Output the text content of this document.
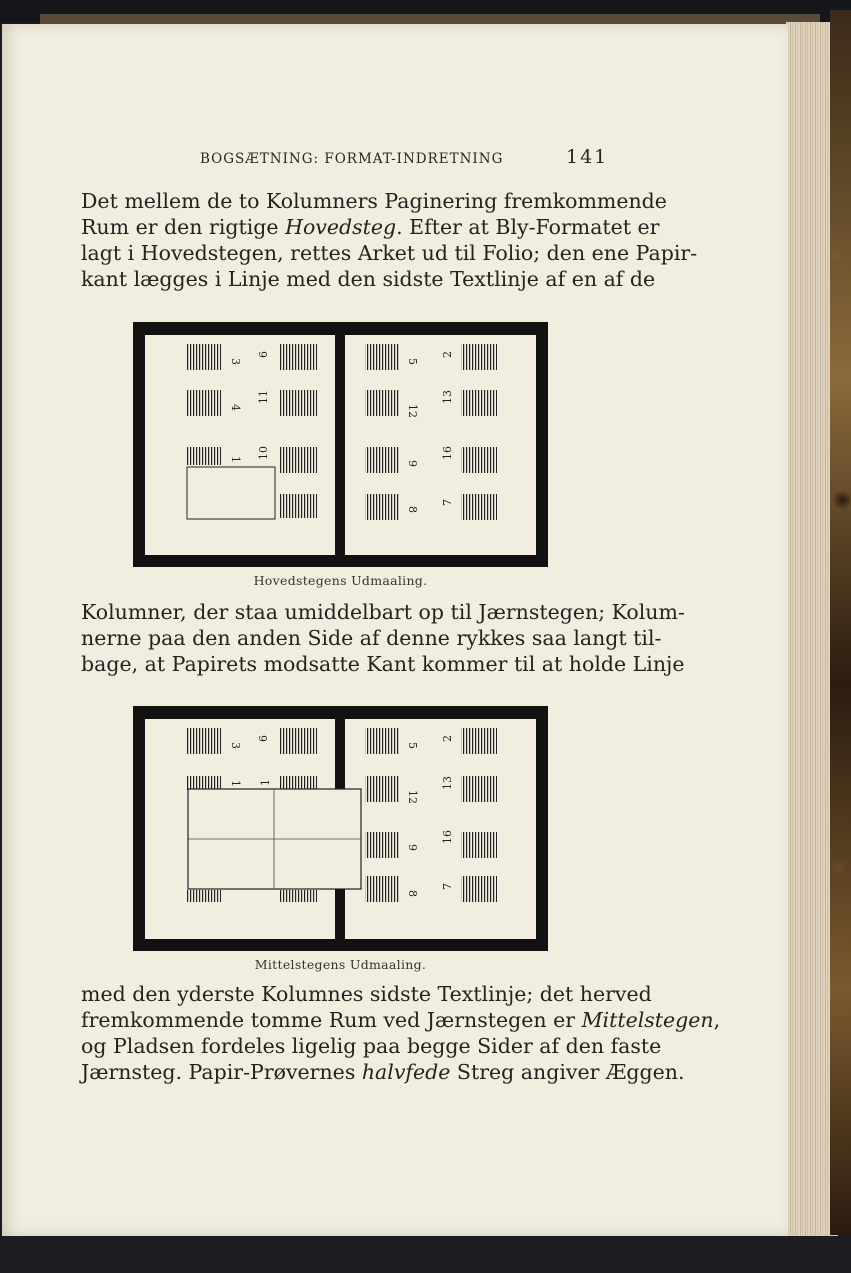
BOGSÆTNING: FORMAT-INDRETNING	141

Det mellem de to Kolumners Paginering fremkommende
Rum er den rigtige Hovedsteg. Efter at Bly-Formatet er
lagt i Hovedstegen, rettes Arket ud til Folio; den ene Papir-
kant lægges i Linje med den sidste Textlinje af en af de

3
6
4
11
1 10
5
2
12
13
9
16
8
7
Hovedstegens Udmaaling.

Kolumner, der staa umiddelbart op til Jærnstegen; Kolum-
nerne paa den anden Side af denne rykkes saa langt til-
bage, at Papirets modsatte Kant kommer til at holde Linje

3
6
1 1
5
2
12
13
9
16
8
7
Mittelstegens Udmaaling.

med den yderste Kolumnes sidste Textlinje; det herved
fremkommende tomme Rum ved Jærnstegen er Mittelstegen,
og Pladsen fordeles ligelig paa begge Sider af den faste
Jærnsteg. Papir-Prøvernes halvfede Streg angiver Æggen.
